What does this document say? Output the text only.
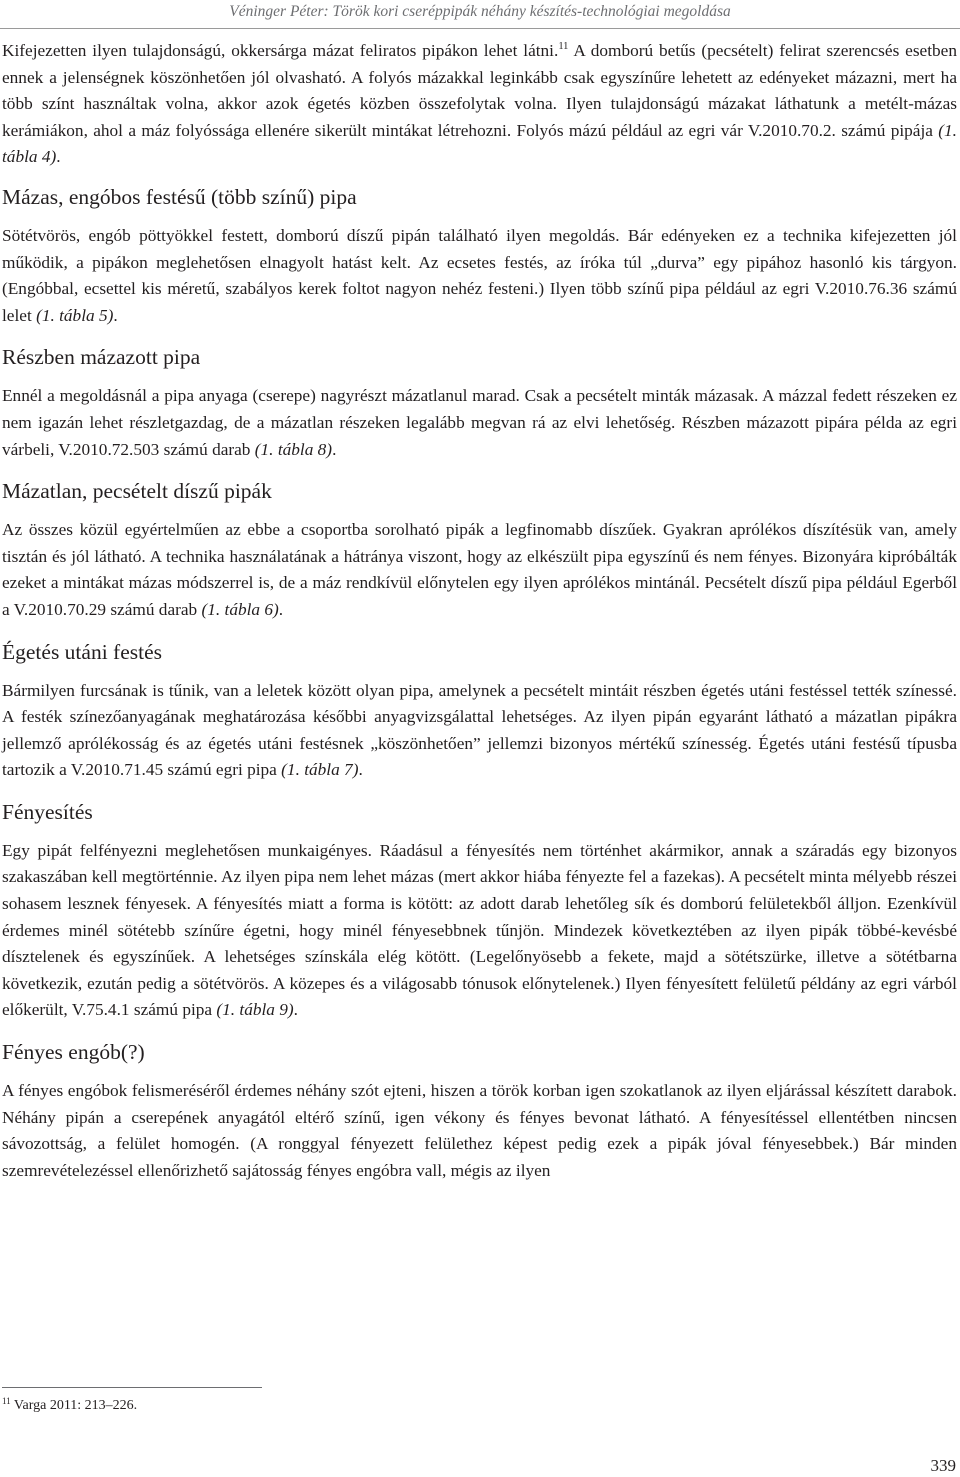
Véninger Péter: Török kori cseréppipák néhány készítés-technológiai megoldása

Kifejezetten ilyen tulajdonságú, okkersárga mázat feliratos pipákon lehet látni.$^{11}$ A domború betűs (pecsételt) felirat szerencsés esetben ennek a jelenségnek köszönhetően jól olvasható. A folyós mázakkal leginkább csak egyszínűre lehetett az edényeket mázazni, mert ha több színt használtak volna, akkor azok égetés közben összefolytak volna. Ilyen tulajdonságú mázakat láthatunk a metélt-mázas kerámiákon, ahol a máz folyóssága ellenére sikerült mintákat létrehozni. Folyós mázú például az egri vár V.2010.70.2. számú pipája (1. tábla 4).

Mázas, engóbos festésű (több színű) pipa

Sötétvörös, engób pöttyökkel festett, domború díszű pipán található ilyen megoldás. Bár edényeken ez a technika kifejezetten jól működik, a pipákon meglehetősen elnagyolt hatást kelt. Az ecsetes festés, az íróka túl „durva” egy pipához hasonló kis tárgyon. (Engóbbal, ecsettel kis méretű, szabályos kerek foltot nagyon nehéz festeni.) Ilyen több színű pipa például az egri V.2010.76.36 számú lelet (1. tábla 5).

Részben mázazott pipa

Ennél a megoldásnál a pipa anyaga (cserepe) nagyrészt mázatlanul marad. Csak a pecsételt minták mázasak. A mázzal fedett részeken ez nem igazán lehet részletgazdag, de a mázatlan részeken legalább megvan rá az elvi lehetőség. Részben mázazott pipára példa az egri várbeli, V.2010.72.503 számú darab (1. tábla 8).

Mázatlan, pecsételt díszű pipák

Az összes közül egyértelműen az ebbe a csoportba sorolható pipák a legfinomabb díszűek. Gyakran aprólékos díszítésük van, amely tisztán és jól látható. A technika használatának a hátránya viszont, hogy az elkészült pipa egyszínű és nem fényes. Bizonyára kipróbálták ezeket a mintákat mázas módszerrel is, de a máz rendkívül előnytelen egy ilyen aprólékos mintánál. Pecsételt díszű pipa például Egerből a V.2010.70.29 számú darab (1. tábla 6).

Égetés utáni festés

Bármilyen furcsának is tűnik, van a leletek között olyan pipa, amelynek a pecsételt mintáit részben égetés utáni festéssel tették színessé. A festék színezőanyagának meghatározása későbbi anyagvizsgálattal lehetséges. Az ilyen pipán egyaránt látható a mázatlan pipákra jellemző aprólékosság és az égetés utáni festésnek „köszönhetően” jellemzi bizonyos mértékű színesség. Égetés utáni festésű típusba tartozik a V.2010.71.45 számú egri pipa (1. tábla 7).

Fényesítés

Egy pipát felfényezni meglehetősen munkaigényes. Ráadásul a fényesítés nem történhet akármikor, annak a száradás egy bizonyos szakaszában kell megtörténnie. Az ilyen pipa nem lehet mázas (mert akkor hiába fényezte fel a fazekas). A pecsételt minta mélyebb részei sohasem lesznek fényesek. A fényesítés miatt a forma is kötött: az adott darab lehetőleg sík és domború felületekből álljon. Ezenkívül érdemes minél sötétebb színűre égetni, hogy minél fényesebbnek tűnjön. Mindezek következtében az ilyen pipák többé-kevésbé dísztelenek és egyszínűek. A lehetséges színskála elég kötött. (Legelőnyösebb a fekete, majd a sötétszürke, illetve a sötétbarna következik, ezután pedig a sötétvörös. A közepes és a világosabb tónusok előnytelenek.) Ilyen fényesített felületű példány az egri várból előkerült, V.75.4.1 számú pipa (1. tábla 9).

Fényes engób(?)

A fényes engóbok felismeréséről érdemes néhány szót ejteni, hiszen a török korban igen szokatlanok az ilyen eljárással készített darabok. Néhány pipán a cserepének anyagától eltérő színű, igen vékony és fényes bevonat látható. A fényesítéssel ellentétben nincsen sávozottság, a felület homogén. (A ronggyal fényezett felülethez képest pedig ezek a pipák jóval fényesebbek.) Bár minden szemrevételezéssel ellenőrizhető sajátosság fényes engóbra vall, mégis az ilyen

$^{11}$ Varga 2011: 213–226.
339
